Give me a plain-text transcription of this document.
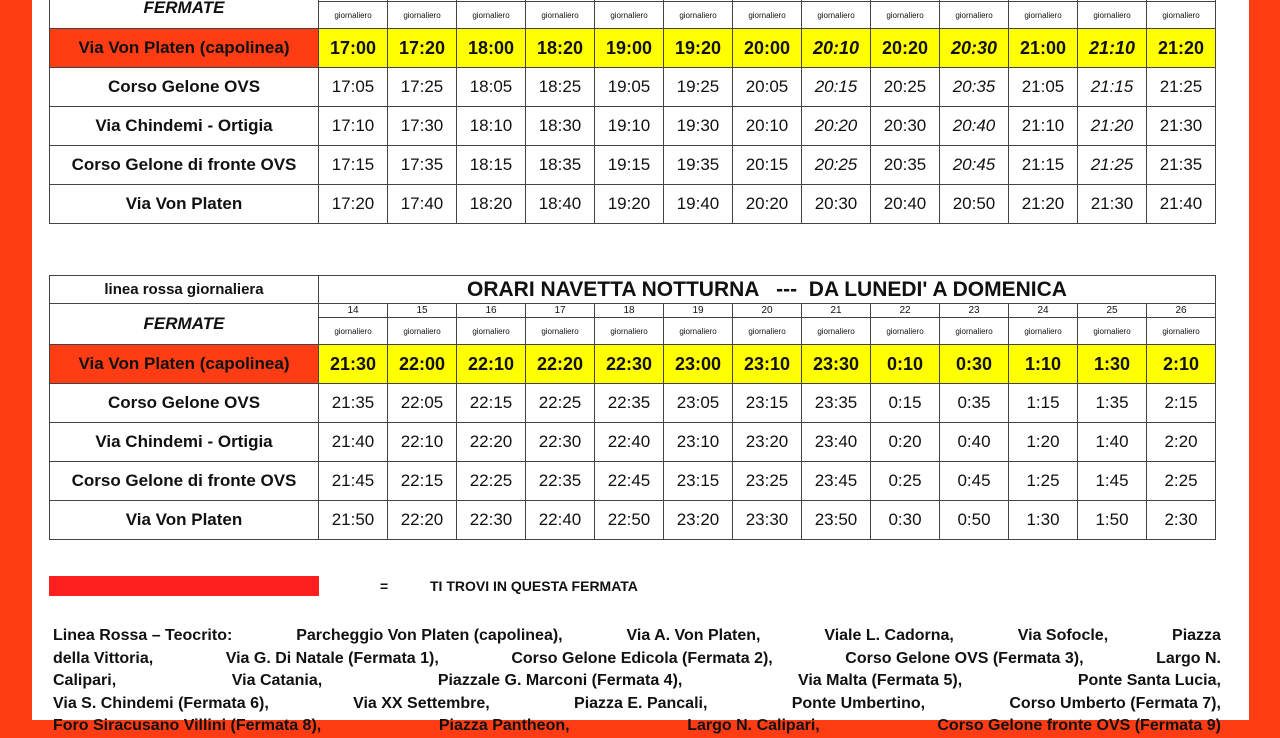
FERMATE													
	giornaliero	giornaliero	giornaliero	giornaliero	giornaliero	giornaliero	giornaliero	giornaliero	giornaliero	giornaliero	giornaliero	giornaliero	giornaliero
Via Von Platen (capolinea)	17:00	17:20	18:00	18:20	19:00	19:20	20:00	20:10	20:20	20:30	21:00	21:10	21:20
Corso Gelone OVS	17:05	17:25	18:05	18:25	19:05	19:25	20:05	20:15	20:25	20:35	21:05	21:15	21:25
Via Chindemi - Ortigia	17:10	17:30	18:10	18:30	19:10	19:30	20:10	20:20	20:30	20:40	21:10	21:20	21:30
Corso Gelone di fronte OVS	17:15	17:35	18:15	18:35	19:15	19:35	20:15	20:25	20:35	20:45	21:15	21:25	21:35
Via Von Platen	17:20	17:40	18:20	18:40	19:20	19:40	20:20	20:30	20:40	20:50	21:20	21:30	21:40
linea rossa giornaliera	ORARI NAVETTA NOTTURNA   ---  DA LUNEDI' A DOMENICA												
FERMATE	14	15	16	17	18	19	20	21	22	23	24	25	26
	giornaliero	giornaliero	giornaliero	giornaliero	giornaliero	giornaliero	giornaliero	giornaliero	giornaliero	giornaliero	giornaliero	giornaliero	giornaliero
Via Von Platen (capolinea)	21:30	22:00	22:10	22:20	22:30	23:00	23:10	23:30	0:10	0:30	1:10	1:30	2:10
Corso Gelone OVS	21:35	22:05	22:15	22:25	22:35	23:05	23:15	23:35	0:15	0:35	1:15	1:35	2:15
Via Chindemi - Ortigia	21:40	22:10	22:20	22:30	22:40	23:10	23:20	23:40	0:20	0:40	1:20	1:40	2:20
Corso Gelone di fronte OVS	21:45	22:15	22:25	22:35	22:45	23:15	23:25	23:45	0:25	0:45	1:25	1:45	2:25
Via Von Platen	21:50	22:20	22:30	22:40	22:50	23:20	23:30	23:50	0:30	0:50	1:30	1:50	2:30
=	TI TROVI IN QUESTA FERMATA
Linea Rossa – Teocrito:	Parcheggio Von Platen (capolinea),	Via A. Von Platen,	Viale L. Cadorna,	Via Sofocle,	Piazza
della Vittoria,	Via G. Di Natale (Fermata 1),	Corso Gelone Edicola (Fermata 2),	Corso Gelone OVS (Fermata 3),	Largo N.
Calipari,	Via Catania,	Piazzale G. Marconi (Fermata 4),	Via Malta (Fermata 5),	Ponte Santa Lucia,
Via S. Chindemi (Fermata 6),	Via XX Settembre,	Piazza E. Pancali,	Ponte Umbertino,	Corso Umberto (Fermata 7),
Foro Siracusano Villini (Fermata 8),	Piazza Pantheon,	Largo N. Calipari,	Corso Gelone fronte OVS (Fermata 9)
